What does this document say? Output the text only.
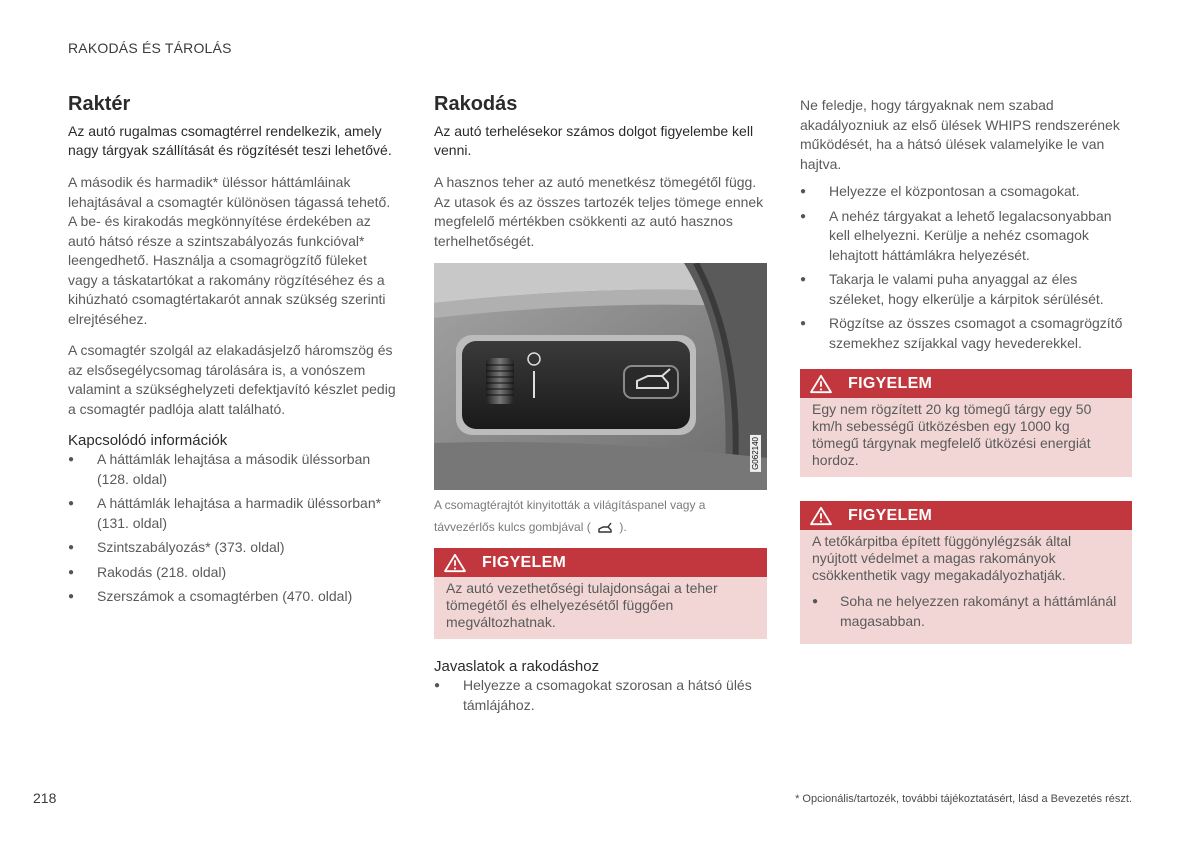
RAKODÁS ÉS TÁROLÁS
Raktér
Az autó rugalmas csomagtérrel rendelkezik, amely nagy tárgyak szállítását és rögzítését teszi lehetővé.

A második és harmadik* üléssor háttámláinak lehajtásával a csomagtér különösen tágassá tehető. A be- és kirakodás megkönnyítése érdekében az autó hátsó része a szintszabályozás funkcióval* leengedhető. Használja a csomagrögzítő füleket vagy a táskatartókat a rakomány rögzítéséhez és a kihúzható csomagtértakarót annak szükség szerinti elrejtéséhez.

A csomagtér szolgál az elakadásjelző háromszög és az elsősegélycsomag tárolására is, a vonószem valamint a szükséghelyzeti defektjavító készlet pedig a csomagtér padlója alatt található.

Kapcsolódó információk
● A háttámlák lehajtása a második üléssorban (128. oldal)
● A háttámlák lehajtása a harmadik üléssorban* (131. oldal)
● Szintszabályozás* (373. oldal)
● Rakodás (218. oldal)
● Szerszámok a csomagtérben (470. oldal)
Rakodás
Az autó terhelésekor számos dolgot figyelembe kell venni.

A hasznos teher az autó menetkész tömegétől függ. Az utasok és az összes tartozék teljes tömege ennek megfelelő mértékben csökkenti az autó hasznos terhelhetőségét.

G062140
A csomagtérajtót kinyitották a világításpanel vagy a távvezérlős kulcs gombjával ( ).
FIGYELEM
Az autó vezethetőségi tulajdonságai a teher tömegétől és elhelyezésétől függően megváltozhatnak.
Javaslatok a rakodáshoz
● Helyezze a csomagokat szorosan a hátsó ülés támlájához.

Ne feledje, hogy tárgyaknak nem szabad akadályozniuk az első ülések WHIPS rendszerének működését, ha a hátsó ülések valamelyike le van hajtva.

● Helyezze el központosan a csomagokat.
● A nehéz tárgyakat a lehető legalacsonyabban kell elhelyezni. Kerülje a nehéz csomagok lehajtott háttámlákra helyezését.
● Takarja le valami puha anyaggal az éles széleket, hogy elkerülje a kárpitok sérülését.
● Rögzítse az összes csomagot a csomagrögzítő szemekhez szíjakkal vagy hevederekkel.
FIGYELEM
Egy nem rögzített 20 kg tömegű tárgy egy 50 km/h sebességű ütközésben egy 1000 kg tömegű tárgynak megfelelő ütközési energiát hordoz.
FIGYELEM
A tetőkárpitba épített függönylégzsák által nyújtott védelmet a magas rakományok csökkenthetik vagy megakadályozhatják.
● Soha ne helyezzen rakományt a háttámlánál magasabban.
218	* Opcionális/tartozék, további tájékoztatásért, lásd a Bevezetés részt.
